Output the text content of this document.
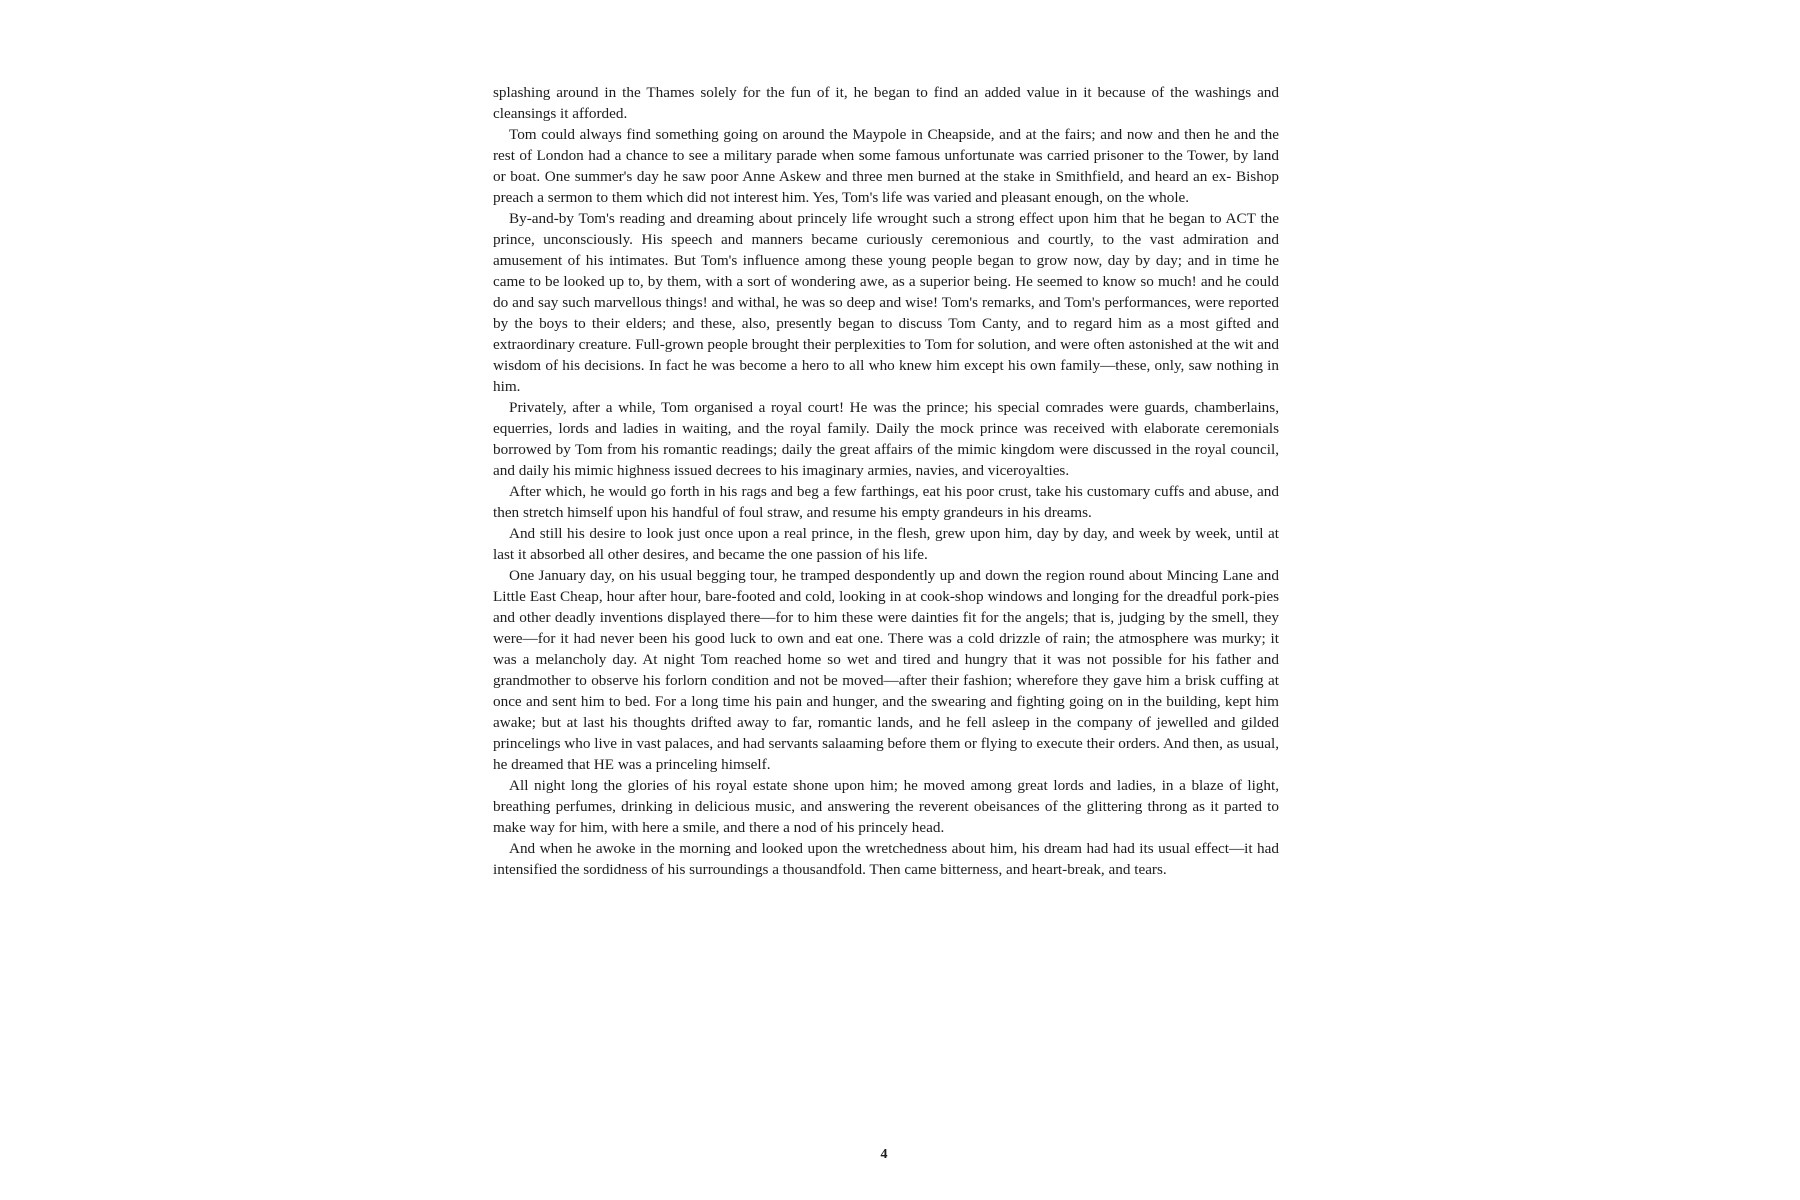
splashing around in the Thames solely for the fun of it, he began to find an added value in it because of the washings and cleansings it afforded.

Tom could always find something going on around the Maypole in Cheapside, and at the fairs; and now and then he and the rest of London had a chance to see a military parade when some famous unfortunate was carried prisoner to the Tower, by land or boat. One summer's day he saw poor Anne Askew and three men burned at the stake in Smithfield, and heard an ex- Bishop preach a sermon to them which did not interest him. Yes, Tom's life was varied and pleasant enough, on the whole.

By-and-by Tom's reading and dreaming about princely life wrought such a strong effect upon him that he began to ACT the prince, unconsciously. His speech and manners became curiously ceremonious and courtly, to the vast admiration and amusement of his intimates. But Tom's influence among these young people began to grow now, day by day; and in time he came to be looked up to, by them, with a sort of wondering awe, as a superior being. He seemed to know so much! and he could do and say such marvellous things! and withal, he was so deep and wise! Tom's remarks, and Tom's performances, were reported by the boys to their elders; and these, also, presently began to discuss Tom Canty, and to regard him as a most gifted and extraordinary creature. Full-grown people brought their perplexities to Tom for solution, and were often astonished at the wit and wisdom of his decisions. In fact he was become a hero to all who knew him except his own family—these, only, saw nothing in him.

Privately, after a while, Tom organised a royal court! He was the prince; his special comrades were guards, chamberlains, equerries, lords and ladies in waiting, and the royal family. Daily the mock prince was received with elaborate ceremonials borrowed by Tom from his romantic readings; daily the great affairs of the mimic kingdom were discussed in the royal council, and daily his mimic highness issued decrees to his imaginary armies, navies, and viceroyalties.

After which, he would go forth in his rags and beg a few farthings, eat his poor crust, take his customary cuffs and abuse, and then stretch himself upon his handful of foul straw, and resume his empty grandeurs in his dreams.

And still his desire to look just once upon a real prince, in the flesh, grew upon him, day by day, and week by week, until at last it absorbed all other desires, and became the one passion of his life.

One January day, on his usual begging tour, he tramped despondently up and down the region round about Mincing Lane and Little East Cheap, hour after hour, bare-footed and cold, looking in at cook-shop windows and longing for the dreadful pork-pies and other deadly inventions displayed there—for to him these were dainties fit for the angels; that is, judging by the smell, they were—for it had never been his good luck to own and eat one. There was a cold drizzle of rain; the atmosphere was murky; it was a melancholy day. At night Tom reached home so wet and tired and hungry that it was not possible for his father and grandmother to observe his forlorn condition and not be moved—after their fashion; wherefore they gave him a brisk cuffing at once and sent him to bed. For a long time his pain and hunger, and the swearing and fighting going on in the building, kept him awake; but at last his thoughts drifted away to far, romantic lands, and he fell asleep in the company of jewelled and gilded princelings who live in vast palaces, and had servants salaaming before them or flying to execute their orders. And then, as usual, he dreamed that HE was a princeling himself.

All night long the glories of his royal estate shone upon him; he moved among great lords and ladies, in a blaze of light, breathing perfumes, drinking in delicious music, and answering the reverent obeisances of the glittering throng as it parted to make way for him, with here a smile, and there a nod of his princely head.

And when he awoke in the morning and looked upon the wretchedness about him, his dream had had its usual effect—it had intensified the sordidness of his surroundings a thousandfold. Then came bitterness, and heart-break, and tears.

4
